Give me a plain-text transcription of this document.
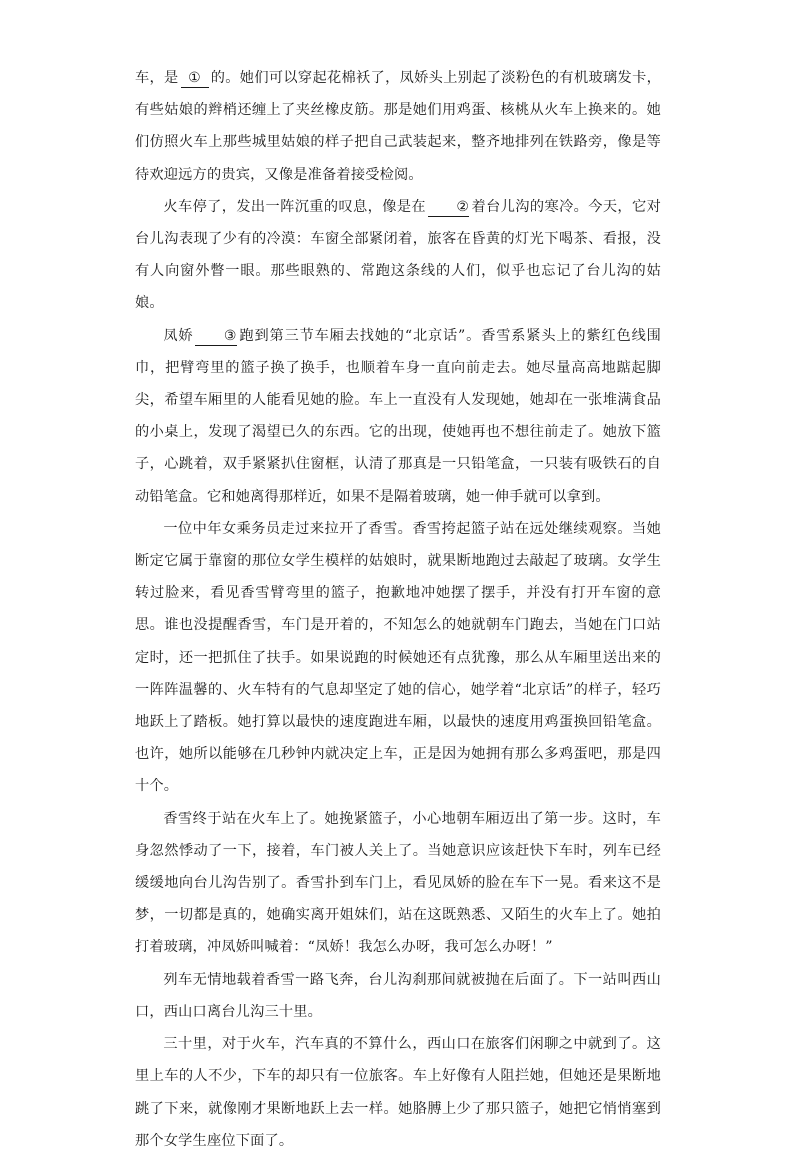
车，是 ① 的。她们可以穿起花棉袄了，凤娇头上别起了淡粉色的有机玻璃发卡，有些姑娘的辫梢还缠上了夹丝橡皮筋。那是她们用鸡蛋、核桃从火车上换来的。她们仿照火车上那些城里姑娘的样子把自己武装起来，整齐地排列在铁路旁，像是等待欢迎远方的贵宾，又像是准备着接受检阅。

火车停了，发出一阵沉重的叹息，像是在 ② 着台儿沟的寒冷。今天，它对台儿沟表现了少有的冷漠：车窗全部紧闭着，旅客在昏黄的灯光下喝茶、看报，没有人向窗外瞥一眼。那些眼熟的、常跑这条线的人们，似乎也忘记了台儿沟的姑娘。

凤娇 ③ 跑到第三节车厢去找她的“北京话”。香雪系紧头上的紫红色线围巾，把臂弯里的篮子换了换手，也顺着车身一直向前走去。她尽量高高地踮起脚尖，希望车厢里的人能看见她的脸。车上一直没有人发现她，她却在一张堆满食品的小桌上，发现了渴望已久的东西。它的出现，使她再也不想往前走了。她放下篮子，心跳着，双手紧紧扒住窗框，认清了那真是一只铅笔盒，一只装有吸铁石的自动铅笔盒。它和她离得那样近，如果不是隔着玻璃，她一伸手就可以拿到。

一位中年女乘务员走过来拉开了香雪。香雪挎起篮子站在远处继续观察。当她断定它属于靠窗的那位女学生模样的姑娘时，就果断地跑过去敲起了玻璃。女学生转过脸来，看见香雪臂弯里的篮子，抱歉地冲她摆了摆手，并没有打开车窗的意思。谁也没提醒香雪，车门是开着的，不知怎么的她就朝车门跑去，当她在门口站定时，还一把抓住了扶手。如果说跑的时候她还有点犹豫，那么从车厢里送出来的一阵阵温馨的、火车特有的气息却坚定了她的信心，她学着“北京话”的样子，轻巧地跃上了踏板。她打算以最快的速度跑进车厢，以最快的速度用鸡蛋换回铅笔盒。也许，她所以能够在几秒钟内就决定上车，正是因为她拥有那么多鸡蛋吧，那是四十个。

香雪终于站在火车上了。她挽紧篮子，小心地朝车厢迈出了第一步。这时，车身忽然悸动了一下，接着，车门被人关上了。当她意识应该赶快下车时，列车已经缓缓地向台儿沟告别了。香雪扑到车门上，看见凤娇的脸在车下一晃。看来这不是梦，一切都是真的，她确实离开姐妹们，站在这既熟悉、又陌生的火车上了。她拍打着玻璃，冲凤娇叫喊着：“凤娇！我怎么办呀，我可怎么办呀！”

列车无情地载着香雪一路飞奔，台儿沟刹那间就被抛在后面了。下一站叫西山口，西山口离台儿沟三十里。

三十里，对于火车，汽车真的不算什么，西山口在旅客们闲聊之中就到了。这里上车的人不少，下车的却只有一位旅客。车上好像有人阻拦她，但她还是果断地跳了下来，就像刚才果断地跃上去一样。她胳膊上少了那只篮子，她把它悄悄塞到那个女学生座位下面了。
